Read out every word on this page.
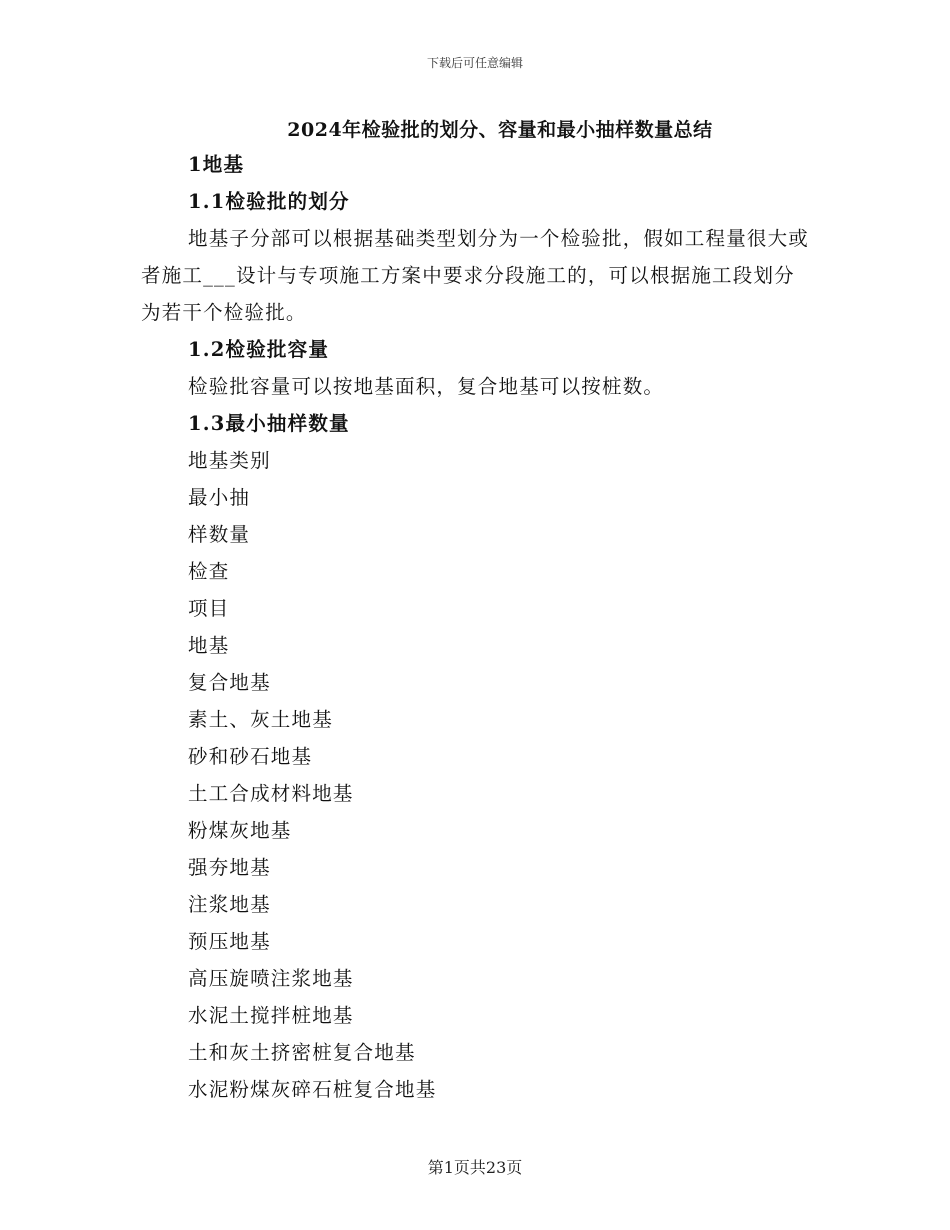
下载后可任意编辑
2024年检验批的划分、容量和最小抽样数量总结
1地基
1.1检验批的划分

地基子分部可以根据基础类型划分为一个检验批，假如工程量很大或者施工___设计与专项施工方案中要求分段施工的，可以根据施工段划分为若干个检验批。

1.2检验批容量
检验批容量可以按地基面积，复合地基可以按桩数。
1.3最小抽样数量
地基类别
最小抽
样数量
检查
项目
地基
复合地基
素土、灰土地基
砂和砂石地基
土工合成材料地基
粉煤灰地基
强夯地基
注浆地基
预压地基
高压旋喷注浆地基
水泥土搅拌桩地基
土和灰土挤密桩复合地基
水泥粉煤灰碎石桩复合地基
第1页共23页
